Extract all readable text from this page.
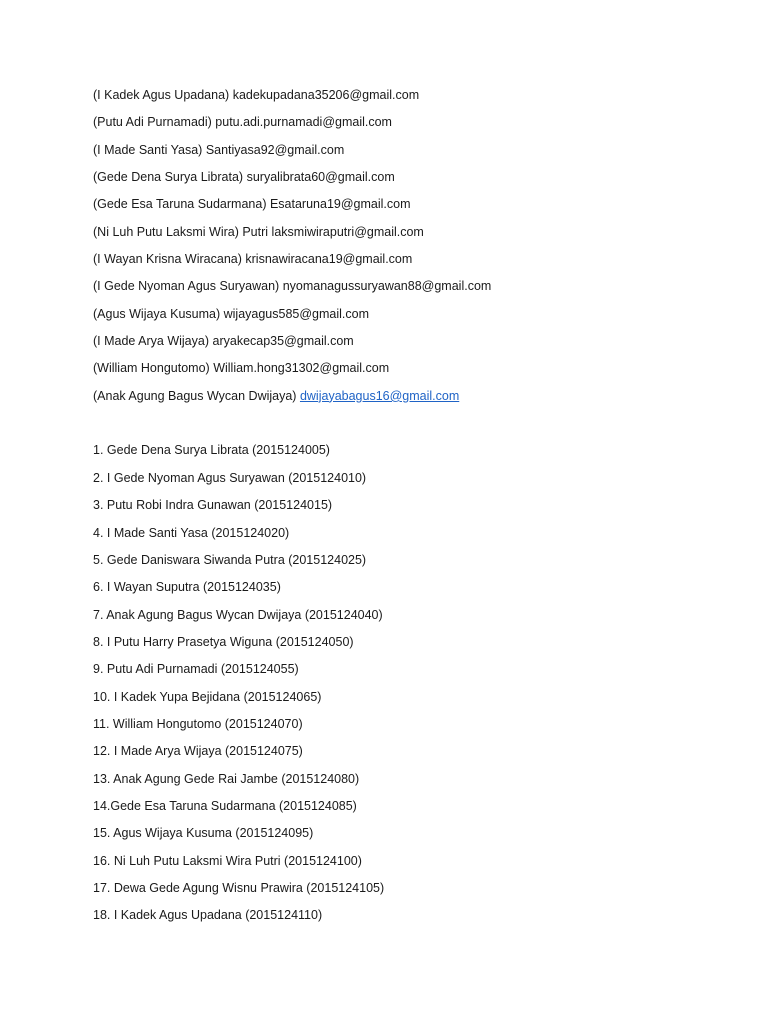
(I Kadek Agus Upadana) kadekupadana35206@gmail.com
(Putu Adi Purnamadi) putu.adi.purnamadi@gmail.com
(I Made Santi Yasa) Santiyasa92@gmail.com
(Gede Dena Surya Librata) suryalibrata60@gmail.com
(Gede Esa Taruna Sudarmana) Esataruna19@gmail.com
(Ni Luh Putu Laksmi Wira) Putri laksmiwiraputri@gmail.com
(I Wayan Krisna Wiracana) krisnawiracana19@gmail.com
(I Gede Nyoman Agus Suryawan) nyomanagussuryawan88@gmail.com
(Agus Wijaya Kusuma) wijayagus585@gmail.com
(I Made Arya Wijaya) aryakecap35@gmail.com
(William Hongutomo) William.hong31302@gmail.com
(Anak Agung Bagus Wycan Dwijaya) dwijayabagus16@gmail.com
1. Gede Dena Surya Librata (2015124005)
2. I Gede Nyoman Agus Suryawan (2015124010)
3. Putu Robi Indra Gunawan (2015124015)
4. I Made Santi Yasa (2015124020)
5. Gede Daniswara Siwanda Putra (2015124025)
6. I Wayan Suputra (2015124035)
7. Anak Agung Bagus Wycan Dwijaya (2015124040)
8. I Putu Harry Prasetya Wiguna (2015124050)
9. Putu Adi Purnamadi (2015124055)
10. I Kadek Yupa Bejidana (2015124065)
11. William Hongutomo (2015124070)
12. I Made Arya Wijaya (2015124075)
13. Anak Agung Gede Rai Jambe (2015124080)
14.Gede Esa Taruna Sudarmana (2015124085)
15. Agus Wijaya Kusuma (2015124095)
16. Ni Luh Putu Laksmi Wira Putri (2015124100)
17. Dewa Gede Agung Wisnu Prawira (2015124105)
18. I Kadek Agus Upadana (2015124110)
